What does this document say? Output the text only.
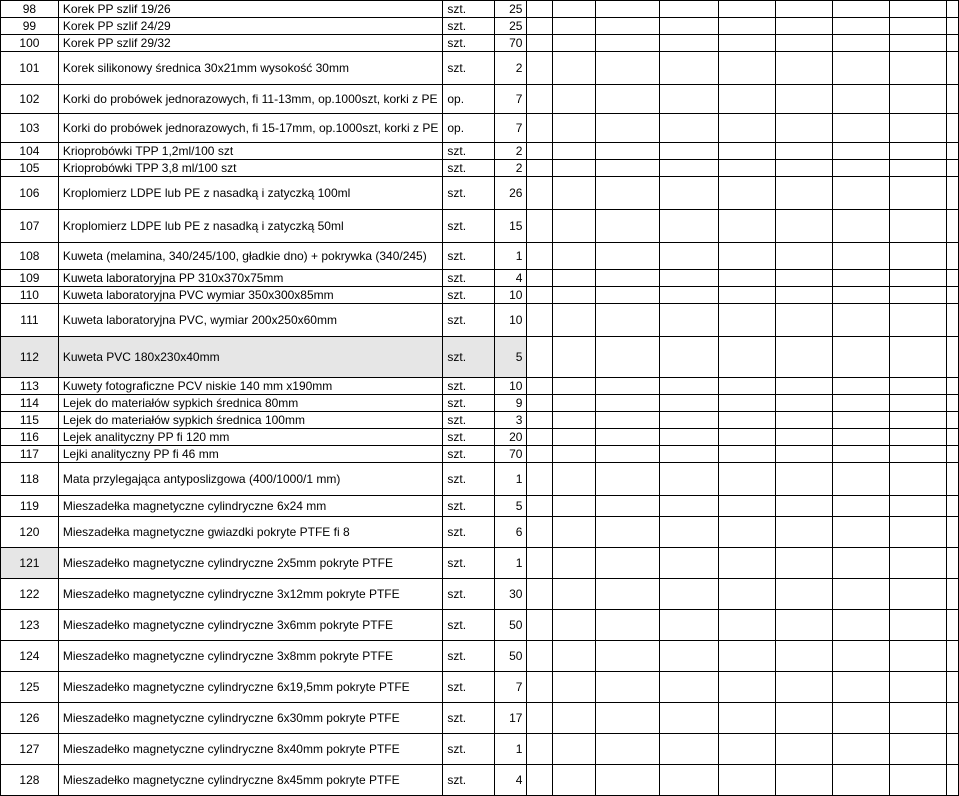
98	Korek PP szlif 19/26	szt.	25									
99	Korek PP szlif 24/29	szt.	25									
100	Korek PP szlif 29/32	szt.	70									
101	Korek silikonowy średnica 30x21mm wysokość 30mm	szt.	2									
102	Korki do probówek jednorazowych, fi 11-13mm, op.1000szt, korki z PE	op.	7									
103	Korki do probówek jednorazowych, fi 15-17mm, op.1000szt, korki z PE	op.	7									
104	Krioprobówki TPP 1,2ml/100 szt	szt.	2									
105	Krioprobówki TPP 3,8 ml/100 szt	szt.	2									
106	Kroplomierz LDPE lub PE z nasadką i zatyczką 100ml	szt.	26									
107	Kroplomierz LDPE lub PE z nasadką i zatyczką 50ml	szt.	15									
108	Kuweta (melamina, 340/245/100, gładkie dno) + pokrywka (340/245)	szt.	1									
109	Kuweta laboratoryjna PP 310x370x75mm	szt.	4									
110	Kuweta laboratoryjna PVC wymiar 350x300x85mm	szt.	10									
111	Kuweta laboratoryjna PVC, wymiar 200x250x60mm	szt.	10									
112	Kuweta PVC 180x230x40mm	szt.	5									
113	Kuwety fotograficzne PCV niskie 140 mm x190mm	szt.	10									
114	Lejek do materiałów sypkich średnica 80mm	szt.	9									
115	Lejek do materiałów sypkich średnica 100mm	szt.	3									
116	Lejek analityczny PP fi 120 mm	szt.	20									
117	Lejki analityczny PP fi 46 mm	szt.	70									
118	Mata przylegająca antyposlizgowa (400/1000/1 mm)	szt.	1									
119	Mieszadełka magnetyczne cylindryczne 6x24 mm	szt.	5									
120	Mieszadełka magnetyczne gwiazdki pokryte PTFE fi 8	szt.	6									
121	Mieszadełko magnetyczne cylindryczne 2x5mm pokryte PTFE	szt.	1									
122	Mieszadełko magnetyczne cylindryczne 3x12mm pokryte PTFE	szt.	30									
123	Mieszadełko magnetyczne cylindryczne 3x6mm pokryte PTFE	szt.	50									
124	Mieszadełko magnetyczne cylindryczne 3x8mm pokryte PTFE	szt.	50									
125	Mieszadełko magnetyczne cylindryczne 6x19,5mm pokryte PTFE	szt.	7									
126	Mieszadełko magnetyczne cylindryczne 6x30mm pokryte PTFE	szt.	17									
127	Mieszadełko magnetyczne cylindryczne 8x40mm pokryte PTFE	szt.	1									
128	Mieszadełko magnetyczne cylindryczne 8x45mm pokryte PTFE	szt.	4									
